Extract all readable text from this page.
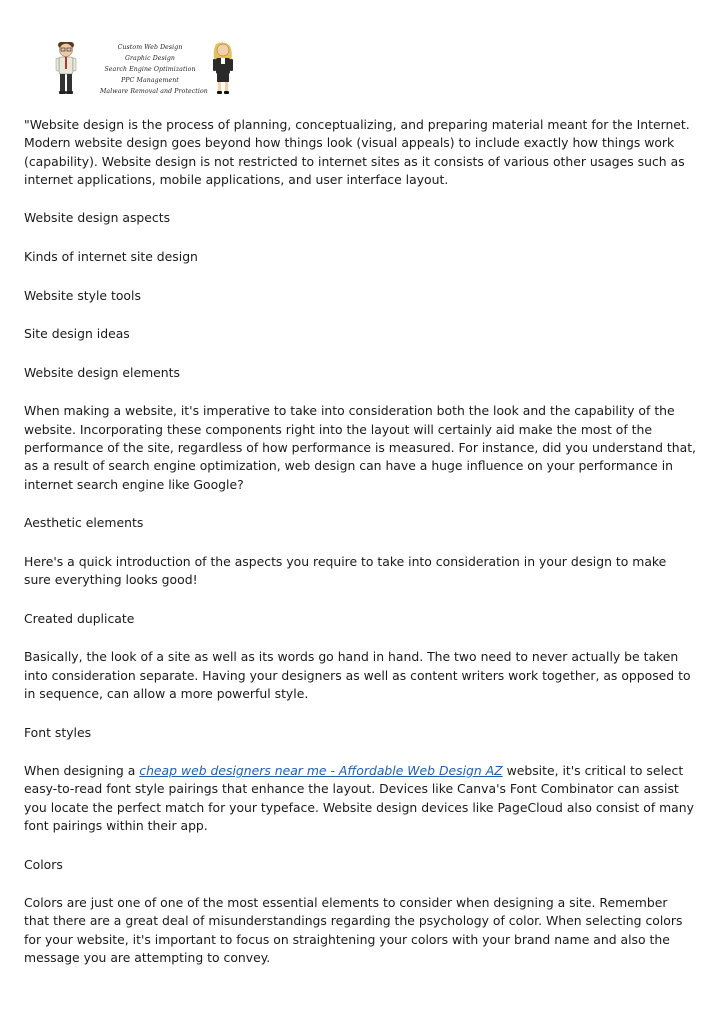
Custom Web Design
Graphic Design
Search Engine Optimization
PPC Management
Malware Removal and Protection

"Website design is the process of planning, conceptualizing, and preparing material meant for the Internet. Modern website design goes beyond how things look (visual appeals) to include exactly how things work (capability). Website design is not restricted to internet sites as it consists of various other usages such as internet applications, mobile applications, and user interface layout.

Website design aspects

Kinds of internet site design

Website style tools

Site design ideas

Website design elements

When making a website, it's imperative to take into consideration both the look and the capability of the website. Incorporating these components right into the layout will certainly aid make the most of the performance of the site, regardless of how performance is measured. For instance, did you understand that, as a result of search engine optimization, web design can have a huge influence on your performance in internet search engine like Google?

Aesthetic elements

Here's a quick introduction of the aspects you require to take into consideration in your design to make sure everything looks good!

Created duplicate

Basically, the look of a site as well as its words go hand in hand. The two need to never actually be taken into consideration separate. Having your designers as well as content writers work together, as opposed to in sequence, can allow a more powerful style.

Font styles

When designing a cheap web designers near me - Affordable Web Design AZ website, it's critical to select easy-to-read font style pairings that enhance the layout. Devices like Canva's Font Combinator can assist you locate the perfect match for your typeface. Website design devices like PageCloud also consist of many font pairings within their app.

Colors

Colors are just one of one of the most essential elements to consider when designing a site. Remember that there are a great deal of misunderstandings regarding the psychology of color. When selecting colors for your website, it's important to focus on straightening your colors with your brand name and also the message you are attempting to convey.
